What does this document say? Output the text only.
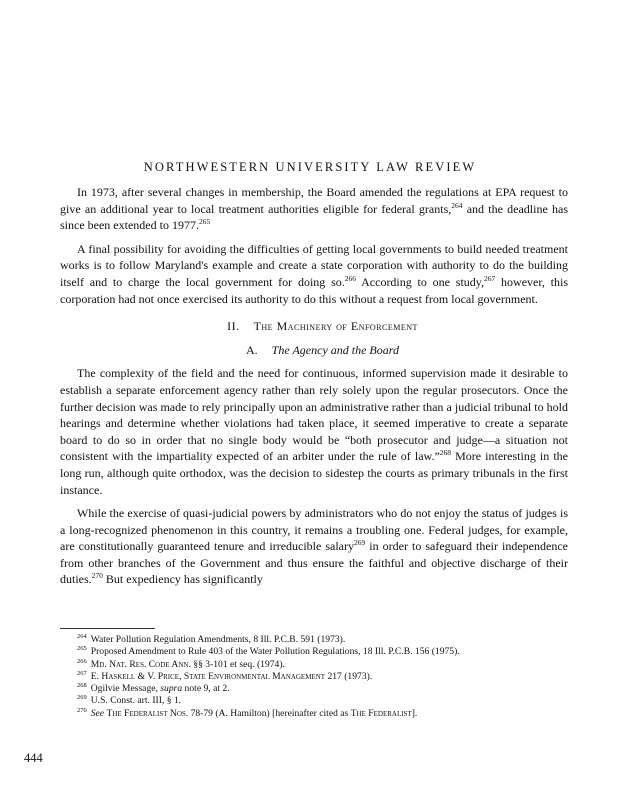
NORTHWESTERN UNIVERSITY LAW REVIEW

In 1973, after several changes in membership, the Board amended the regulations at EPA request to give an additional year to local treatment authorities eligible for federal grants,$^{264}$ and the deadline has since been extended to 1977.$^{265}$

A final possibility for avoiding the difficulties of getting local governments to build needed treatment works is to follow Maryland's example and create a state corporation with authority to do the building itself and to charge the local government for doing so.$^{266}$ According to one study,$^{267}$ however, this corporation had not once exercised its authority to do this without a request from local government.

II. The Machinery of Enforcement

A. The Agency and the Board

The complexity of the field and the need for continuous, informed supervision made it desirable to establish a separate enforcement agency rather than rely solely upon the regular prosecutors. Once the further decision was made to rely principally upon an administrative rather than a judicial tribunal to hold hearings and determine whether violations had taken place, it seemed imperative to create a separate board to do so in order that no single body would be “both prosecutor and judge—a situation not consistent with the impartiality expected of an arbiter under the rule of law.”$^{268}$ More interesting in the long run, although quite orthodox, was the decision to sidestep the courts as primary tribunals in the first instance.

While the exercise of quasi-judicial powers by administrators who do not enjoy the status of judges is a long-recognized phenomenon in this country, it remains a troubling one. Federal judges, for example, are constitutionally guaranteed tenure and irreducible salary$^{269}$ in order to safeguard their independence from other branches of the Government and thus ensure the faithful and objective discharge of their duties.$^{270}$ But expediency has significantly

$^{264}$ Water Pollution Regulation Amendments, 8 Ill. P.C.B. 591 (1973).

$^{265}$ Proposed Amendment to Rule 403 of the Water Pollution Regulations, 18 Ill. P.C.B. 156 (1975).

$^{266}$ Md. Nat. Res. Code Ann. §§ 3-101 et seq. (1974).

$^{267}$ E. Haskell & V. Price, State Environmental Management 217 (1973).

$^{268}$ Ogilvie Message, supra note 9, at 2.

$^{269}$ U.S. Const. art. III, § 1.

$^{270}$ See The Federalist Nos. 78-79 (A. Hamilton) [hereinafter cited as The Federalist].

444
